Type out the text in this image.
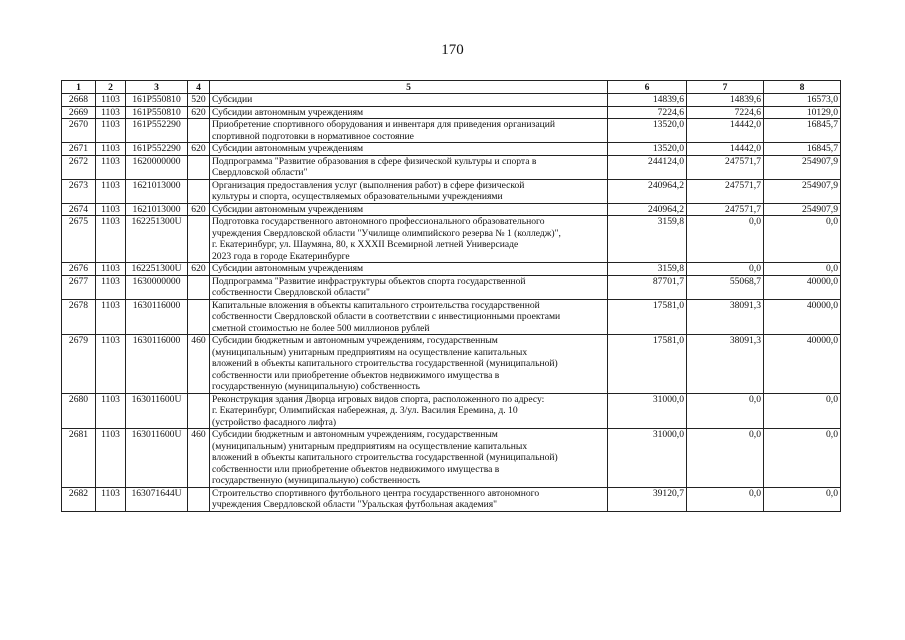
170
1	2	3	4	5	6	7	8
2668	1103	161P550810	520	Субсидии	14839,6	14839,6	16573,0
2669	1103	161P550810	620	Субсидии автономным учреждениям	7224,6	7224,6	10129,0
2670	1103	161P552290		Приобретение спортивного оборудования и инвентаря для приведения организаций
спортивной подготовки в нормативное состояние	13520,0	14442,0	16845,7
2671	1103	161P552290	620	Субсидии автономным учреждениям	13520,0	14442,0	16845,7
2672	1103	1620000000		Подпрограмма "Развитие образования в сфере физической культуры и спорта в
Свердловской области"	244124,0	247571,7	254907,9
2673	1103	1621013000		Организация предоставления услуг (выполнения работ) в сфере физической
культуры и спорта, осуществляемых образовательными учреждениями	240964,2	247571,7	254907,9
2674	1103	1621013000	620	Субсидии автономным учреждениям	240964,2	247571,7	254907,9
2675	1103	162251300U		Подготовка государственного автономного профессионального образовательного
учреждения Свердловской области "Училище олимпийского резерва № 1 (колледж)",
г. Екатеринбург, ул. Шаумяна, 80, к XXXII Всемирной летней Универсиаде
2023 года в городе Екатеринбурге	3159,8	0,0	0,0
2676	1103	162251300U	620	Субсидии автономным учреждениям	3159,8	0,0	0,0
2677	1103	1630000000		Подпрограмма "Развитие инфраструктуры объектов спорта государственной
собственности Свердловской области"	87701,7	55068,7	40000,0
2678	1103	1630116000		Капитальные вложения в объекты капитального строительства государственной
собственности Свердловской области в соответствии с инвестиционными проектами
сметной стоимостью не более 500 миллионов рублей	17581,0	38091,3	40000,0
2679	1103	1630116000	460	Субсидии бюджетным и автономным учреждениям, государственным
(муниципальным) унитарным предприятиям на осуществление капитальных
вложений в объекты капитального строительства государственной (муниципальной)
собственности или приобретение объектов недвижимого имущества в
государственную (муниципальную) собственность	17581,0	38091,3	40000,0
2680	1103	163011600U		Реконструкция здания Дворца игровых видов спорта, расположенного по адресу:
г. Екатеринбург, Олимпийская набережная, д. 3/ул. Василия Еремина, д. 10
(устройство фасадного лифта)	31000,0	0,0	0,0
2681	1103	163011600U	460	Субсидии бюджетным и автономным учреждениям, государственным
(муниципальным) унитарным предприятиям на осуществление капитальных
вложений в объекты капитального строительства государственной (муниципальной)
собственности или приобретение объектов недвижимого имущества в
государственную (муниципальную) собственность	31000,0	0,0	0,0
2682	1103	163071644U		Строительство спортивного футбольного центра государственного автономного
учреждения Свердловской области "Уральская футбольная академия"	39120,7	0,0	0,0
